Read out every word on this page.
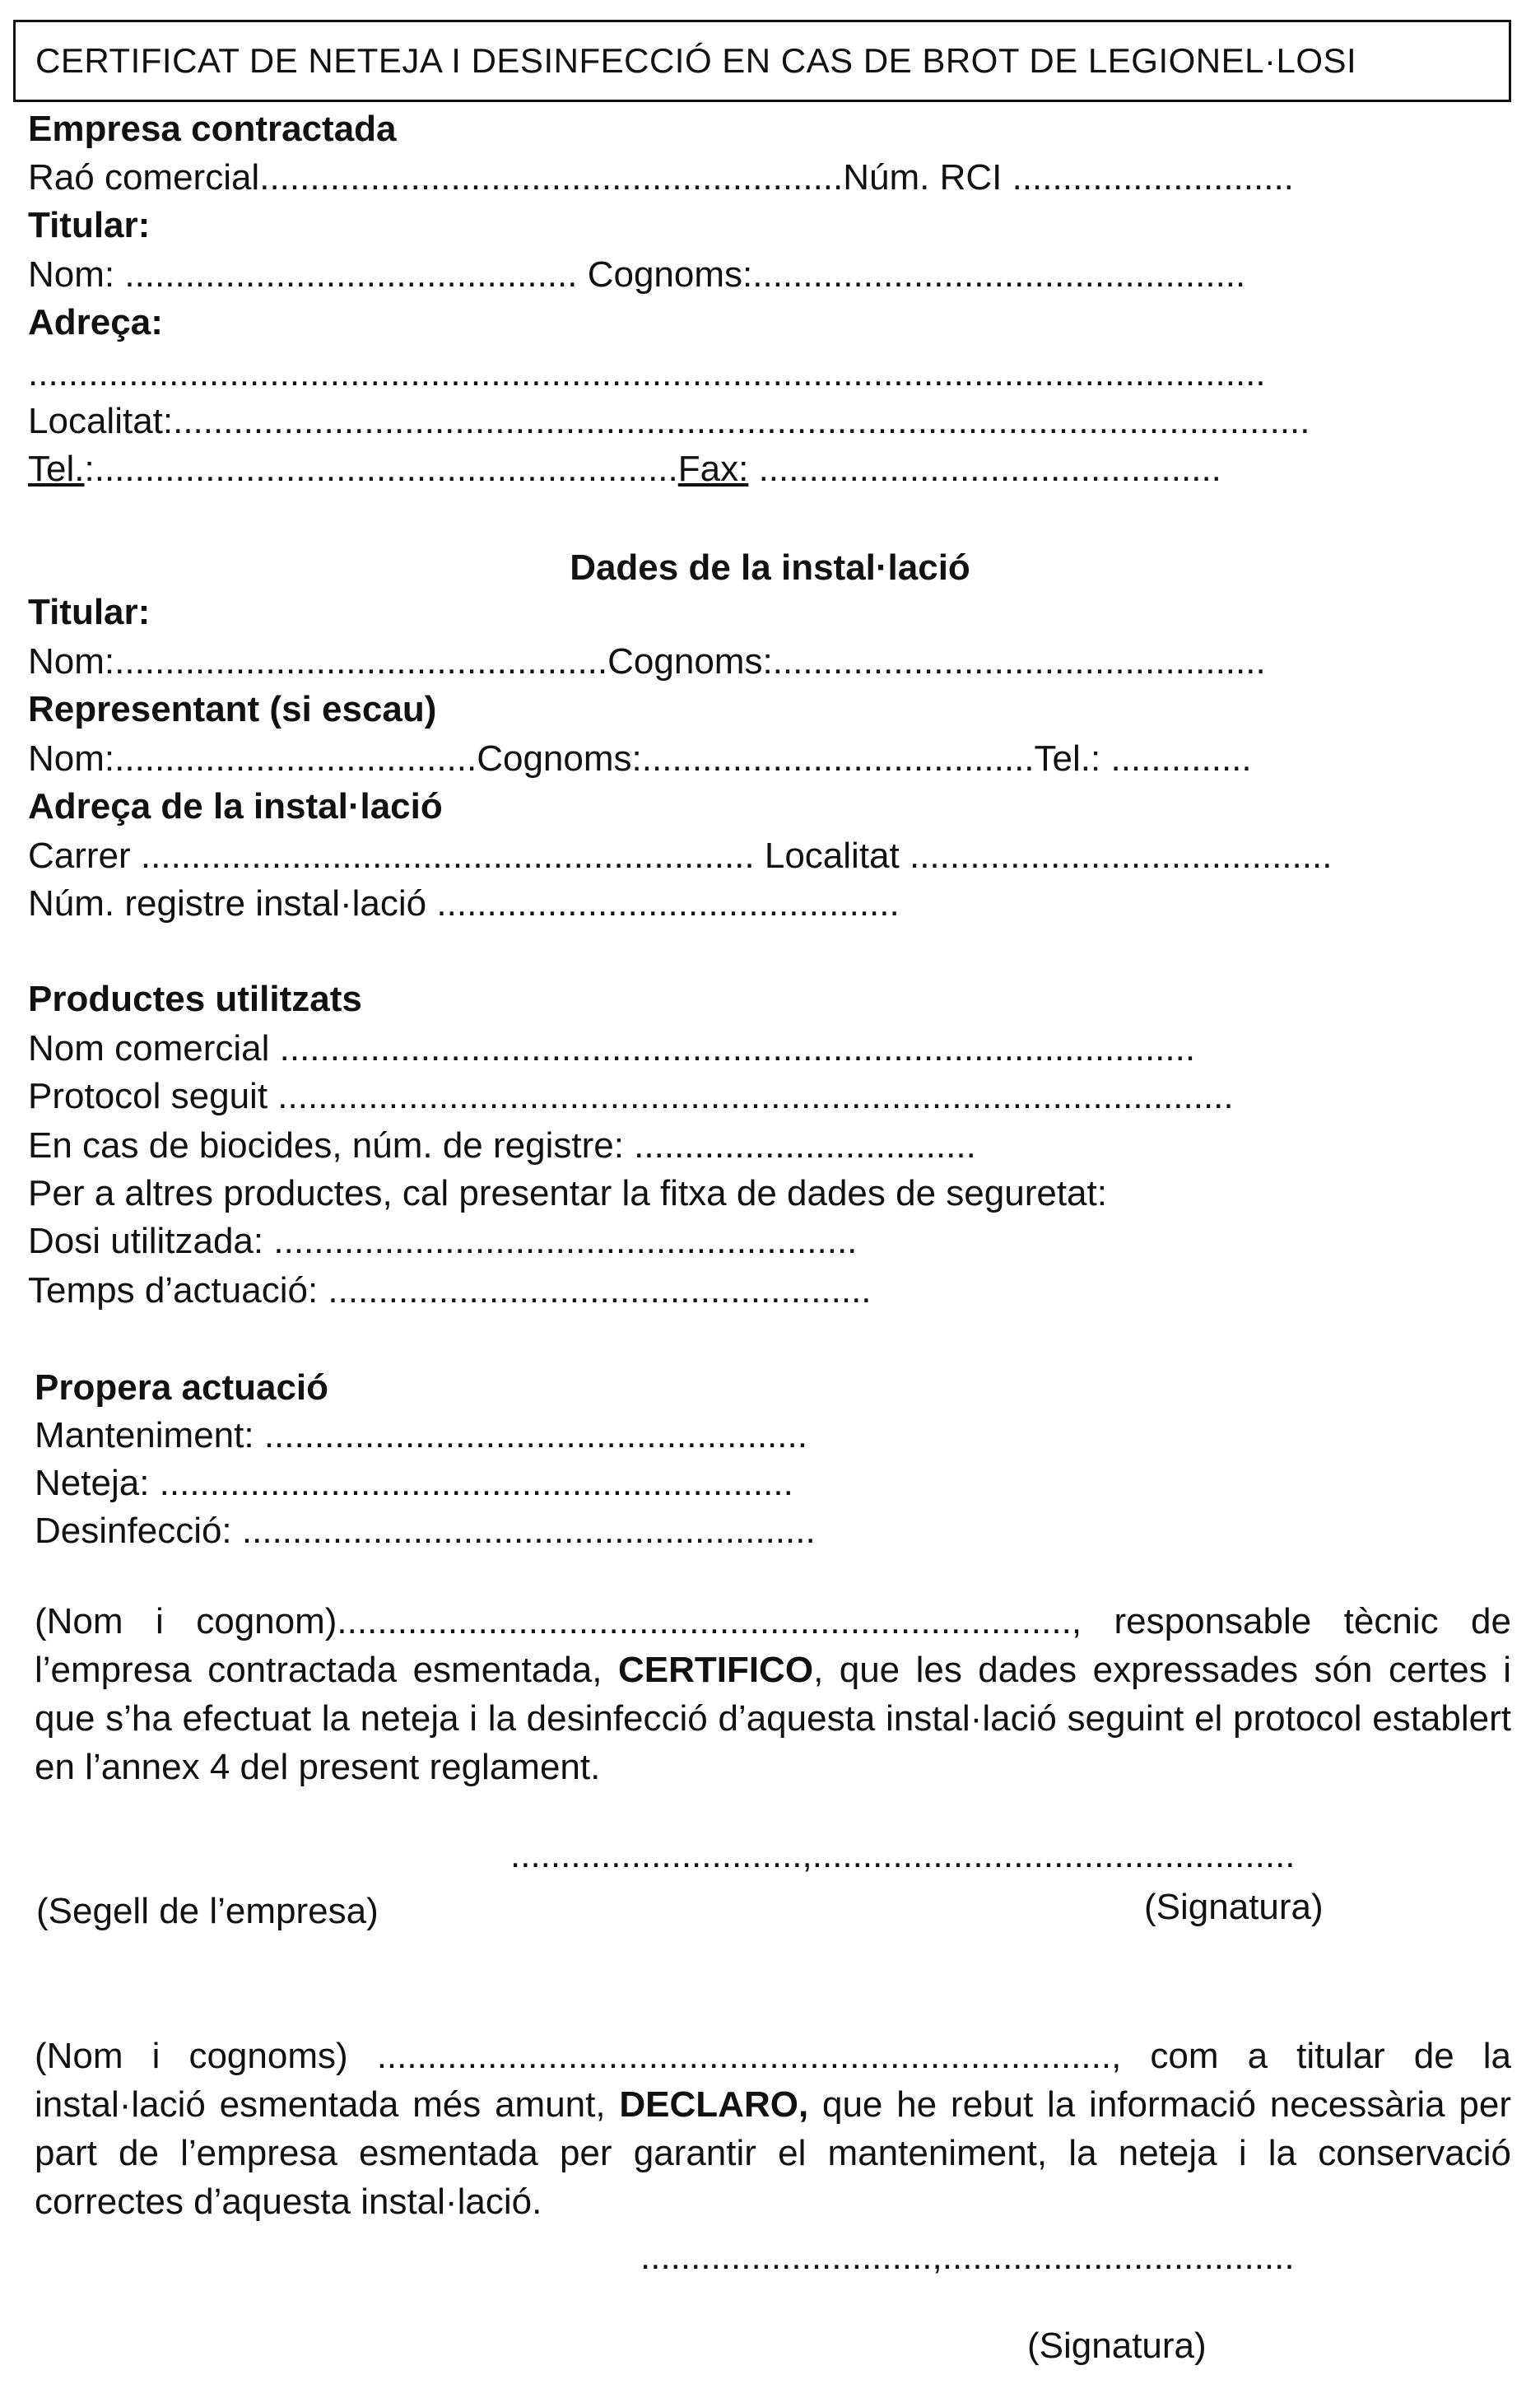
CERTIFICAT DE NETEJA I DESINFECCIÓ EN CAS DE BROT DE LEGIONEL·LOSI
Empresa contractada
Raó comercial..........................................................Núm. RCI ............................
Titular:
Nom: ............................................. Cognoms:.................................................
Adreça:
...........................................................................................................................
Localitat:.................................................................................................................
Tel.:..........................................................Fax: ..............................................
Dades de la instal·lació
Titular:
Nom:.................................................Cognoms:.................................................
Representant (si escau)
Nom:....................................Cognoms:.......................................Tel.: ..............
Adreça de la instal·lació
Carrer ............................................................. Localitat ..........................................
Núm. registre instal·lació ..............................................
Productes utilitzats
Nom comercial ...........................................................................................
Protocol seguit ...............................................................................................
En cas de biocides, núm. de registre: ..................................
Per a altres productes, cal presentar la fitxa de dades de seguretat:
Dosi utilitzada: ..........................................................
Temps d’actuació: ......................................................
Propera actuació
Manteniment: ......................................................
Neteja: ...............................................................
Desinfecció: .........................................................
(Nom i cognom)........................................................................., responsable tècnic de l’empresa contractada esmentada, CERTIFICO, que les dades expressades són certes i que s’ha efectuat la neteja i la desinfecció d’aquesta instal·lació seguint el protocol establert en l’annex 4 del present reglament.
.............................,................................................
(Segell de l’empresa)	(Signatura)
(Nom i cognoms) ........................................................................., com a titular de la instal·lació esmentada més amunt, DECLARO, que he rebut la informació necessària per part de l’empresa esmentada per garantir el manteniment, la neteja i la conservació correctes d’aquesta instal·lació.
.............................,...................................
(Signatura)
